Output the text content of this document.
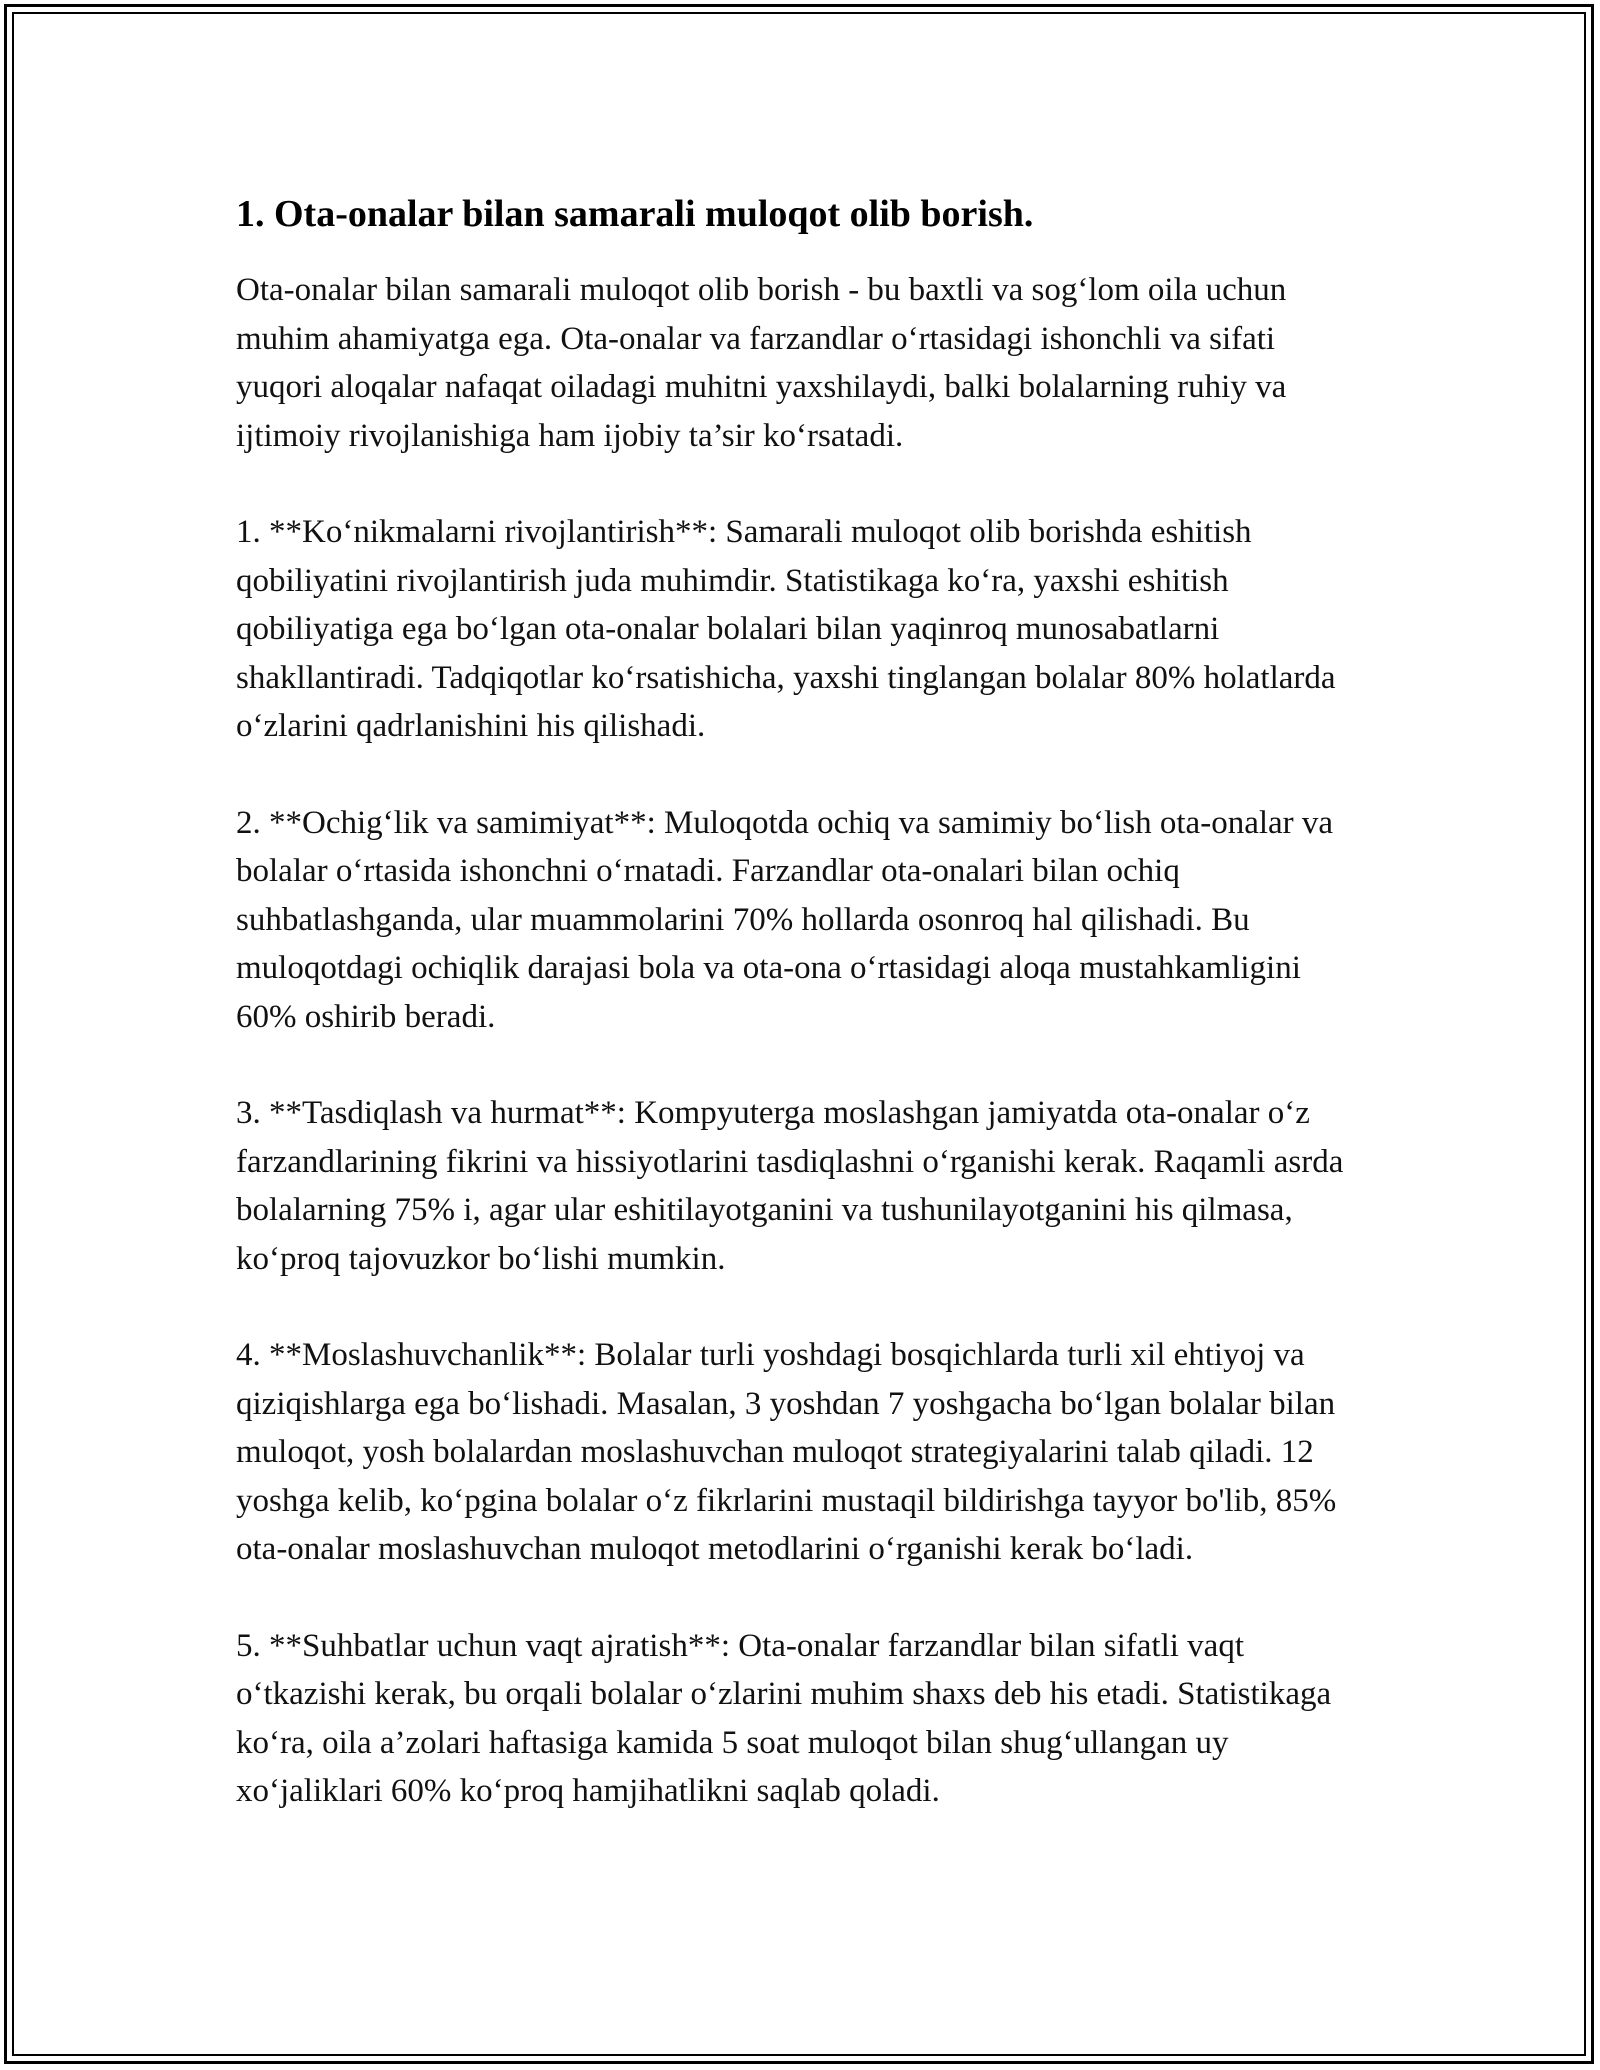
1. Ota-onalar bilan samarali muloqot olib borish.

Ota-onalar bilan samarali muloqot olib borish - bu baxtli va sog‘lom oila uchun muhim ahamiyatga ega. Ota-onalar va farzandlar o‘rtasidagi ishonchli va sifati yuqori aloqalar nafaqat oiladagi muhitni yaxshilaydi, balki bolalarning ruhiy va ijtimoiy rivojlanishiga ham ijobiy ta’sir ko‘rsatadi.

1. **Ko‘nikmalarni rivojlantirish**: Samarali muloqot olib borishda eshitish qobiliyatini rivojlantirish juda muhimdir. Statistikaga ko‘ra, yaxshi eshitish qobiliyatiga ega bo‘lgan ota-onalar bolalari bilan yaqinroq munosabatlarni shakllantiradi. Tadqiqotlar ko‘rsatishicha, yaxshi tinglangan bolalar 80% holatlarda o‘zlarini qadrlanishini his qilishadi.

2. **Ochig‘lik va samimiyat**: Muloqotda ochiq va samimiy bo‘lish ota-onalar va bolalar o‘rtasida ishonchni o‘rnatadi. Farzandlar ota-onalari bilan ochiq suhbatlashganda, ular muammolarini 70% hollarda osonroq hal qilishadi. Bu muloqotdagi ochiqlik darajasi bola va ota-ona o‘rtasidagi aloqa mustahkamligini 60% oshirib beradi.

3. **Tasdiqlash va hurmat**: Kompyuterga moslashgan jamiyatda ota-onalar o‘z farzandlarining fikrini va hissiyotlarini tasdiqlashni o‘rganishi kerak. Raqamli asrda bolalarning 75% i, agar ular eshitilayotganini va tushunilayotganini his qilmasa, ko‘proq tajovuzkor bo‘lishi mumkin.

4. **Moslashuvchanlik**: Bolalar turli yoshdagi bosqichlarda turli xil ehtiyoj va qiziqishlarga ega bo‘lishadi. Masalan, 3 yoshdan 7 yoshgacha bo‘lgan bolalar bilan muloqot, yosh bolalardan moslashuvchan muloqot strategiyalarini talab qiladi. 12 yoshga kelib, ko‘pgina bolalar o‘z fikrlarini mustaqil bildirishga tayyor bo'lib, 85% ota-onalar moslashuvchan muloqot metodlarini o‘rganishi kerak bo‘ladi.

5. **Suhbatlar uchun vaqt ajratish**: Ota-onalar farzandlar bilan sifatli vaqt o‘tkazishi kerak, bu orqali bolalar o‘zlarini muhim shaxs deb his etadi. Statistikaga ko‘ra, oila a’zolari haftasiga kamida 5 soat muloqot bilan shug‘ullangan uy xo‘jaliklari 60% ko‘proq hamjihatlikni saqlab qoladi.
